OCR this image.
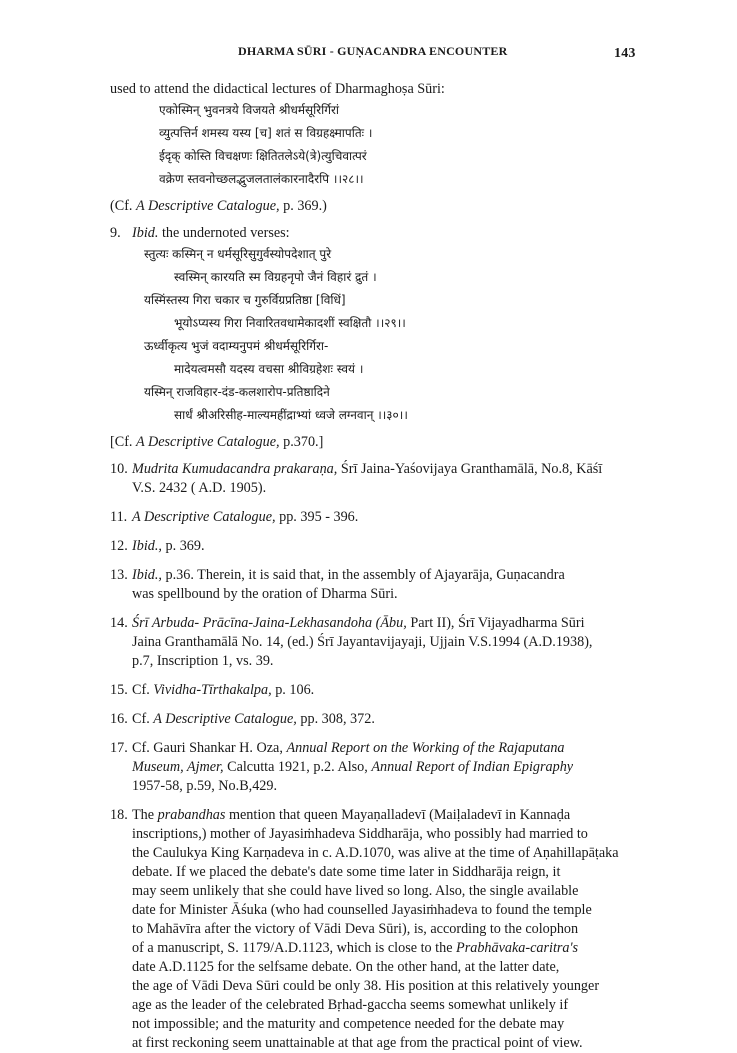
DHARMA SŪRI - GUṆACANDRA ENCOUNTER	143
used to attend the didactical lectures of Dharmaghoṣa Sūri:
एकोस्मिन् भुवनत्रये विजयते श्रीधर्मसूरिर्गिरां
व्युत्पत्तिर्न शमस्य यस्य [च] शतं स विग्रहक्ष्मापतिः ।
ईदृक् कोस्ति विचक्षणः क्षितितलेऽये(त्रे)त्युचिवात्परं
वक्रेण स्तवनोच्छलद्भुजलतालंकारनादैरपि ।।२८।।
(Cf. A Descriptive Catalogue, p. 369.)
9. Ibid. the undernoted verses:
स्तुत्यः कस्मिन् न धर्मसूरिसुगुर्वस्योपदेशात् पुरे
स्वस्मिन् कारयति स्म विग्रहनृपो जैनं विहारं द्रुतं ।
यस्मिंस्तस्य गिरा चकार च गुरुर्विग्रप्रतिष्ठा [विधिं]
भूयोऽप्यस्य गिरा निवारितवधामेकादशीं स्वक्षितौ ।।२९।।
ऊर्ध्वीकृत्य भुजं वदाम्यनुपमं श्रीधर्मसूरिर्गिरा-
मादेयत्वमसौ यदस्य वचसा श्रीविग्रहेशः स्वयं ।
यस्मिन् राजविहार-दंड-कलशारोप-प्रतिष्ठादिने
सार्धं श्रीअरिसीह-माल्यमहींद्राभ्यां ध्वजे लग्नवान् ।।३०।।
[Cf. A Descriptive Catalogue, p.370.]
10. Mudrita Kumudacandra prakaraṇa, Śrī Jaina-Yaśovijaya Granthamālā, No.8, Kāśī
V.S. 2432 ( A.D. 1905).
11. A Descriptive Catalogue, pp. 395 - 396.
12. Ibid., p. 369.
13. Ibid., p.36. Therein, it is said that, in the assembly of Ajayarāja, Guṇacandra
was spellbound by the oration of Dharma Sūri.
14. Śrī Arbuda- Prācīna-Jaina-Lekhasandoha (Ābu, Part II), Śrī Vijayadharma Sūri
Jaina Granthamālā No. 14, (ed.) Śrī Jayantavijayaji, Ujjain V.S.1994 (A.D.1938),
p.7, Inscription 1, vs. 39.
15. Cf. Vividha-Tīrthakalpa, p. 106.
16. Cf. A Descriptive Catalogue, pp. 308, 372.
17. Cf. Gauri Shankar H. Oza, Annual Report on the Working of the Rajaputana
Museum, Ajmer, Calcutta 1921, p.2. Also, Annual Report of Indian Epigraphy
1957-58, p.59, No.B,429.
18. The prabandhas mention that queen Mayaṇalladevī (Maiḷaladevī in Kannaḍa
inscriptions,) mother of Jayasiṁhadeva Siddharāja, who possibly had married to
the Caulukya King Karṇadeva in c. A.D.1070, was alive at the time of Aṇahillapāṭaka
debate. If we placed the debate's date some time later in Siddharāja reign, it
may seem unlikely that she could have lived so long. Also, the single available
date for Minister Āśuka (who had counselled Jayasiṁhadeva to found the temple
to Mahāvīra after the victory of Vādi Deva Sūri), is, according to the colophon
of a manuscript, S. 1179/A.D.1123, which is close to the Prabhāvaka-caritra's
date A.D.1125 for the selfsame debate. On the other hand, at the latter date,
the age of Vādi Deva Sūri could be only 38. His position at this relatively younger
age as the leader of the celebrated Bṛhad-gaccha seems somewhat unlikely if
not impossible; and the maturity and competence needed for the debate may
at first reckoning seem unattainable at that age from the practical point of view.
